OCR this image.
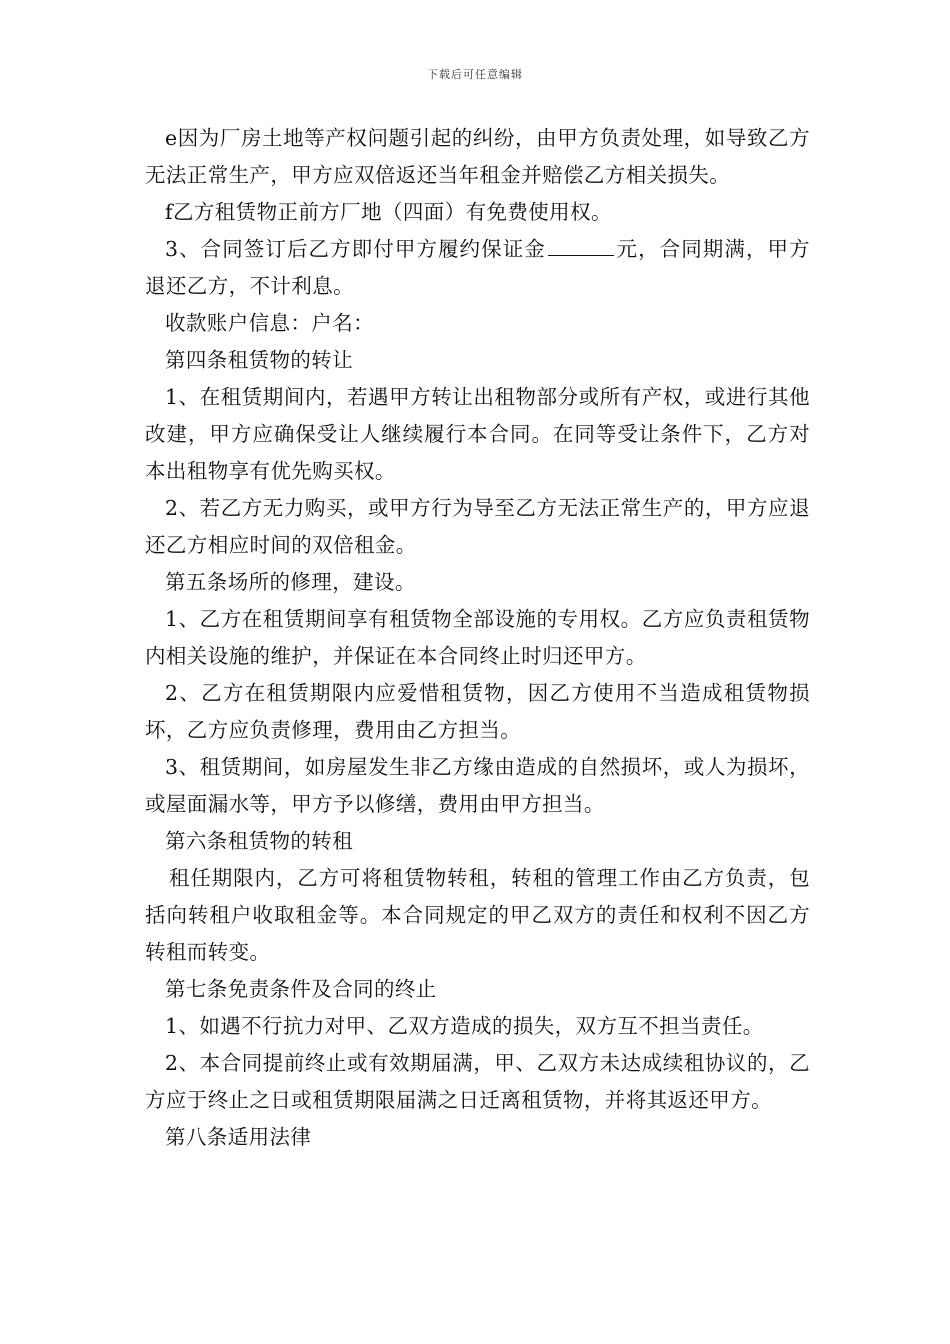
下载后可任意编辑

e因为厂房土地等产权问题引起的纠纷，由甲方负责处理，如导致乙方无法正常生产，甲方应双倍返还当年租金并赔偿乙方相关损失。

f乙方租赁物正前方厂地（四面）有免费使用权。

3、合同签订后乙方即付甲方履约保证金	元，合同期满，甲方退还乙方，不计利息。

收款账户信息：户名：

第四条租赁物的转让

1、在租赁期间内，若遇甲方转让出租物部分或所有产权，或进行其他改建，甲方应确保受让人继续履行本合同。在同等受让条件下，乙方对本出租物享有优先购买权。

2、若乙方无力购买，或甲方行为导至乙方无法正常生产的，甲方应退还乙方相应时间的双倍租金。

第五条场所的修理，建设。

1、乙方在租赁期间享有租赁物全部设施的专用权。乙方应负责租赁物内相关设施的维护，并保证在本合同终止时归还甲方。

2、乙方在租赁期限内应爱惜租赁物，因乙方使用不当造成租赁物损坏，乙方应负责修理，费用由乙方担当。

3、租赁期间，如房屋发生非乙方缘由造成的自然损坏，或人为损坏，或屋面漏水等，甲方予以修缮，费用由甲方担当。

第六条租赁物的转租

租任期限内，乙方可将租赁物转租，转租的管理工作由乙方负责，包括向转租户收取租金等。本合同规定的甲乙双方的责任和权利不因乙方转租而转变。

第七条免责条件及合同的终止

1、如遇不行抗力对甲、乙双方造成的损失，双方互不担当责任。

2、本合同提前终止或有效期届满，甲、乙双方未达成续租协议的，乙方应于终止之日或租赁期限届满之日迁离租赁物，并将其返还甲方。

第八条适用法律
